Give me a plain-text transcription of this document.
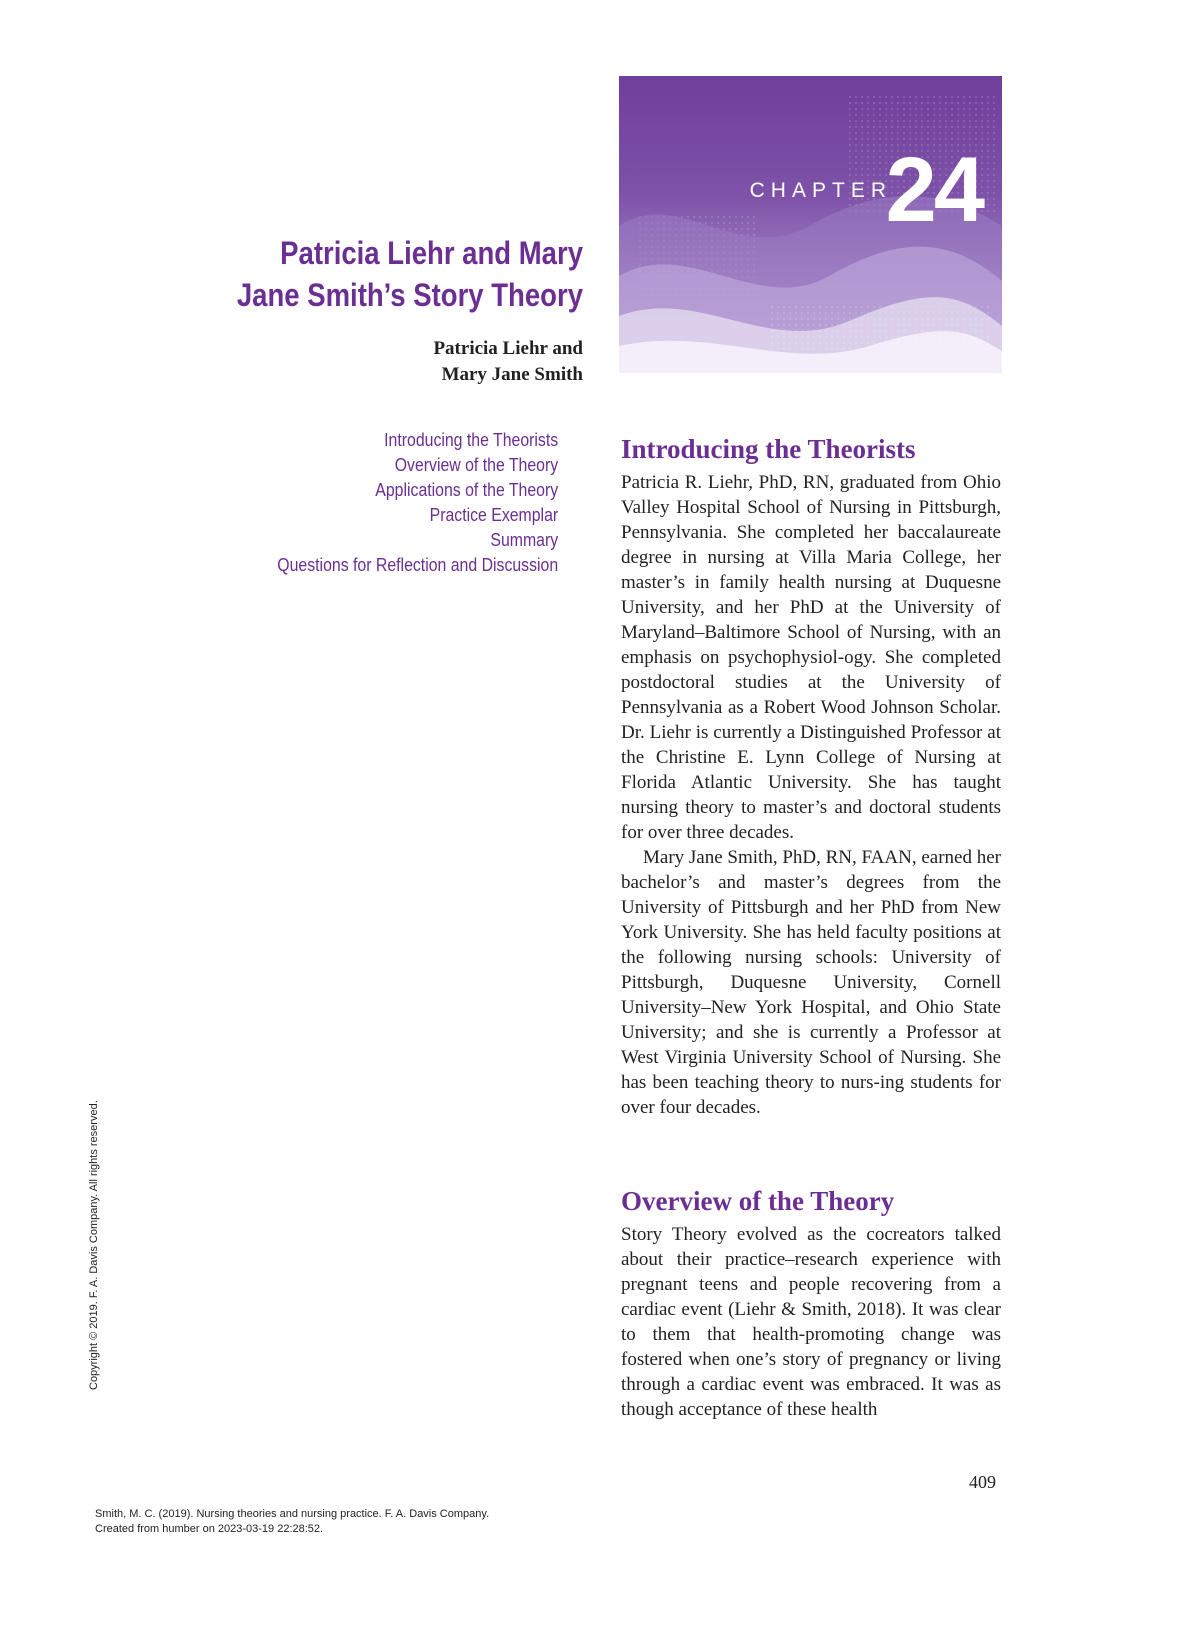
CHAPTER
24
Patricia Liehr and Mary
Jane Smith’s Story Theory
Patricia Liehr and
Mary Jane Smith
Introducing the Theorists
Overview of the Theory
Applications of the Theory
Practice Exemplar
Summary
Questions for Reflection and Discussion
Introducing the Theorists

Patricia R. Liehr, PhD, RN, graduated from Ohio Valley Hospital School of Nursing in Pittsburgh, Pennsylvania. She completed her baccalaureate degree in nursing at Villa Maria College, her master’s in family health nursing at Duquesne University, and her PhD at the University of Maryland–Baltimore School of Nursing, with an emphasis on psychophysiol-ogy. She completed postdoctoral studies at the University of Pennsylvania as a Robert Wood Johnson Scholar. Dr. Liehr is currently a Distinguished Professor at the Christine E. Lynn College of Nursing at Florida Atlantic University. She has taught nursing theory to master’s and doctoral students for over three decades.

Mary Jane Smith, PhD, RN, FAAN, earned her bachelor’s and master’s degrees from the University of Pittsburgh and her PhD from New York University. She has held faculty positions at the following nursing schools: University of Pittsburgh, Duquesne University, Cornell University–New York Hospital, and Ohio State University; and she is currently a Professor at West Virginia University School of Nursing. She has been teaching theory to nurs-ing students for over four decades.

Overview of the Theory

Story Theory evolved as the cocreators talked about their practice–research experience with pregnant teens and people recovering from a cardiac event (Liehr & Smith, 2018). It was clear to them that health-promoting change was fostered when one’s story of pregnancy or living through a cardiac event was embraced. It was as though acceptance of these health

409
Copyright © 2019. F. A. Davis Company. All rights reserved.
Smith, M. C. (2019). Nursing theories and nursing practice. F. A. Davis Company.
Created from humber on 2023-03-19 22:28:52.
